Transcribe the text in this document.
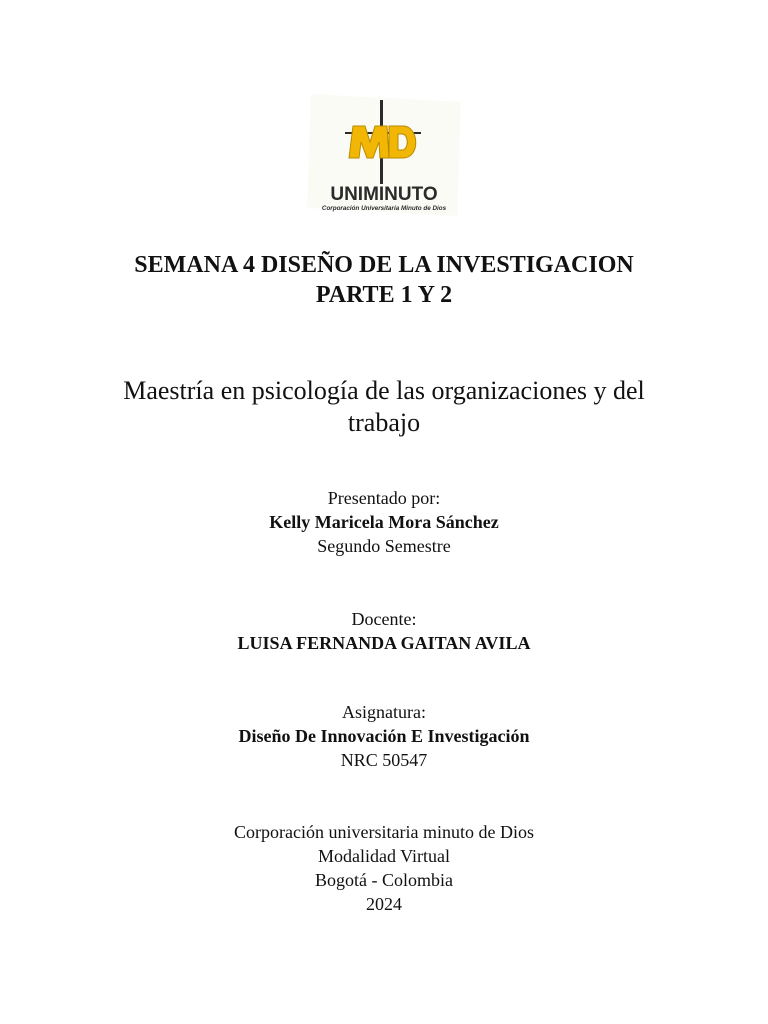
UNIMINUTO
Corporación Universitaria Minuto de Dios
SEMANA 4 DISEÑO DE LA INVESTIGACION
PARTE 1 Y 2
Maestría en psicología de las organizaciones y del
trabajo
Presentado por:
Kelly Maricela Mora Sánchez
Segundo Semestre
Docente:
LUISA FERNANDA GAITAN AVILA
Asignatura:
Diseño De Innovación E Investigación
NRC 50547
Corporación universitaria minuto de Dios
Modalidad Virtual
Bogotá - Colombia
2024
